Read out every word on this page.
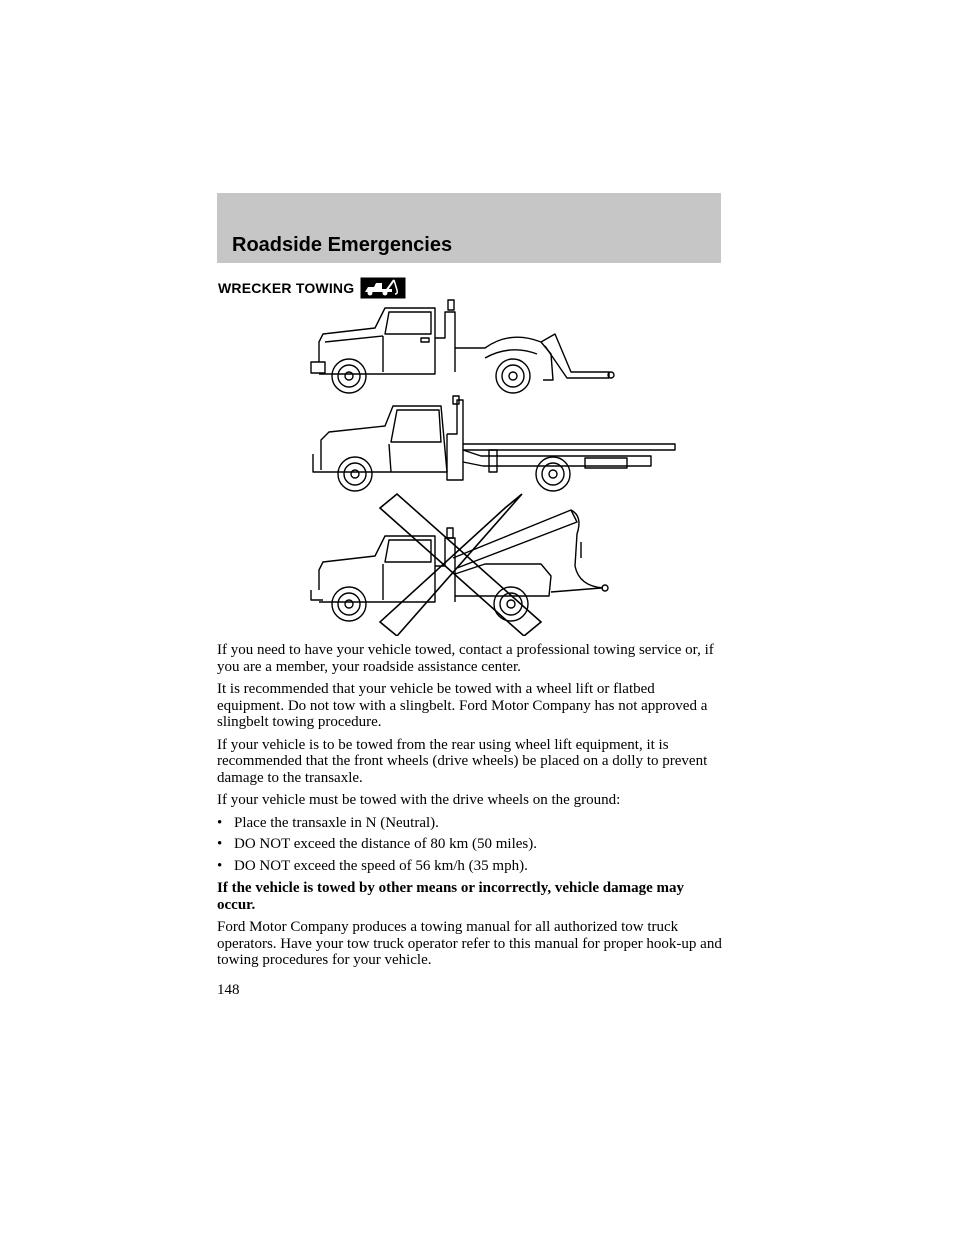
Roadside Emergencies
WRECKER TOWING

If you need to have your vehicle towed, contact a professional towing service or, if you are a member, your roadside assistance center.

It is recommended that your vehicle be towed with a wheel lift or flatbed equipment. Do not tow with a slingbelt. Ford Motor Company has not approved a slingbelt towing procedure.

If your vehicle is to be towed from the rear using wheel lift equipment, it is recommended that the front wheels (drive wheels) be placed on a dolly to prevent damage to the transaxle.

If your vehicle must be towed with the drive wheels on the ground:

• Place the transaxle in N (Neutral).
• DO NOT exceed the distance of 80 km (50 miles).
• DO NOT exceed the speed of 56 km/h (35 mph).

If the vehicle is towed by other means or incorrectly, vehicle damage may occur.

Ford Motor Company produces a towing manual for all authorized tow truck operators. Have your tow truck operator refer to this manual for proper hook-up and towing procedures for your vehicle.

148
